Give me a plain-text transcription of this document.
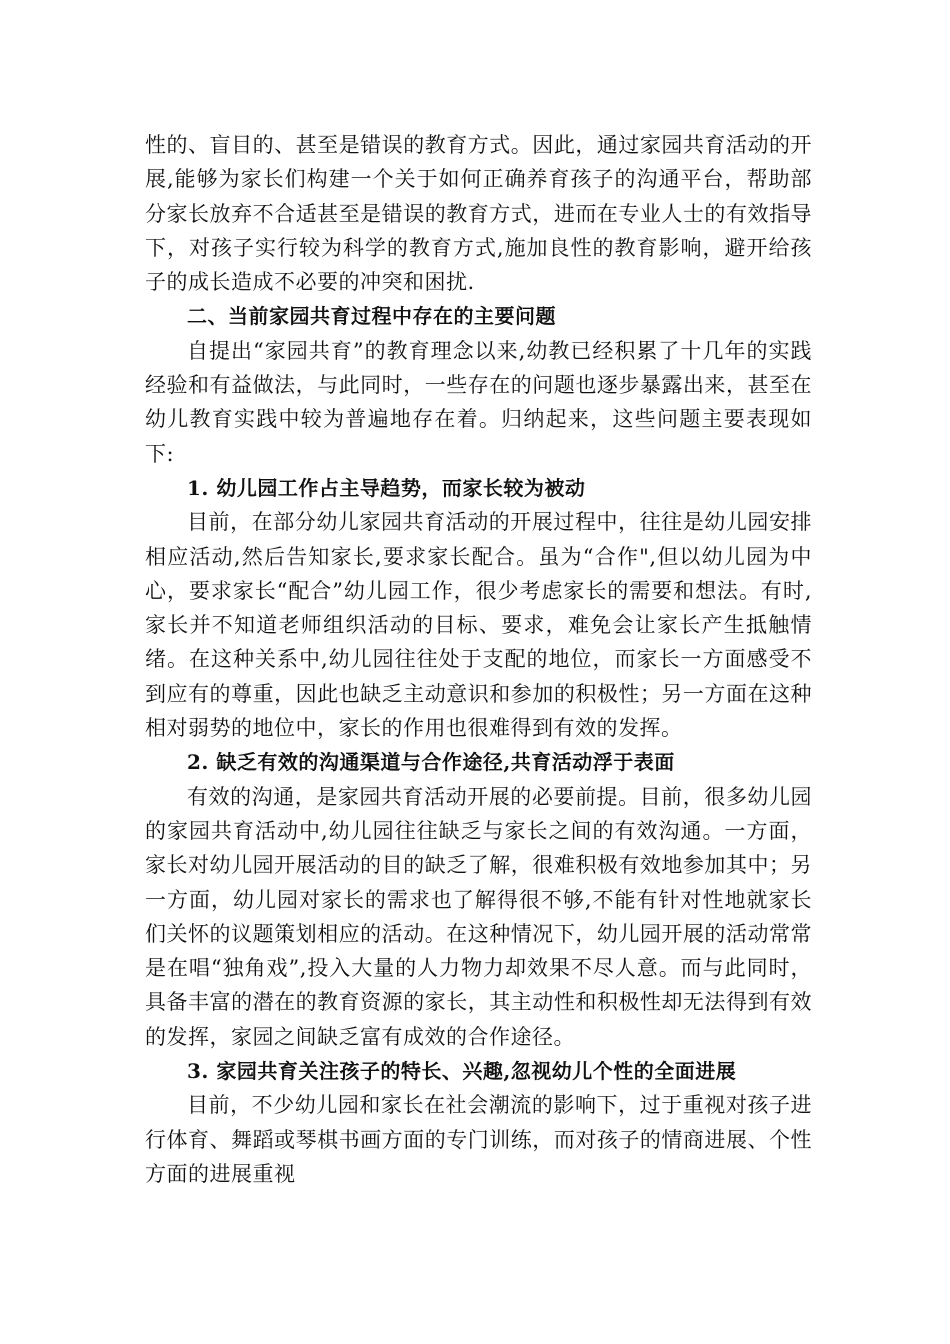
性的、盲目的、甚至是错误的教育方式。因此，通过家园共育活动的开展,能够为家长们构建一个关于如何正确养育孩子的沟通平台，帮助部分家长放弃不合适甚至是错误的教育方式，进而在专业人士的有效指导下，对孩子实行较为科学的教育方式,施加良性的教育影响，避开给孩子的成长造成不必要的冲突和困扰.

二、当前家园共育过程中存在的主要问题

自提出“家园共育”的教育理念以来,幼教已经积累了十几年的实践经验和有益做法，与此同时，一些存在的问题也逐步暴露出来，甚至在幼儿教育实践中较为普遍地存在着。归纳起来，这些问题主要表现如下:

1. 幼儿园工作占主导趋势，而家长较为被动

目前，在部分幼儿家园共育活动的开展过程中，往往是幼儿园安排相应活动,然后告知家长,要求家长配合。虽为“合作",但以幼儿园为中心，要求家长“配合”幼儿园工作，很少考虑家长的需要和想法。有时,家长并不知道老师组织活动的目标、要求，难免会让家长产生抵触情绪。在这种关系中,幼儿园往往处于支配的地位，而家长一方面感受不到应有的尊重，因此也缺乏主动意识和参加的积极性；另一方面在这种相对弱势的地位中，家长的作用也很难得到有效的发挥。

2. 缺乏有效的沟通渠道与合作途径,共育活动浮于表面

有效的沟通，是家园共育活动开展的必要前提。目前，很多幼儿园的家园共育活动中,幼儿园往往缺乏与家长之间的有效沟通。一方面，家长对幼儿园开展活动的目的缺乏了解，很难积极有效地参加其中；另一方面，幼儿园对家长的需求也了解得很不够,不能有针对性地就家长们关怀的议题策划相应的活动。在这种情况下，幼儿园开展的活动常常是在唱“独角戏”,投入大量的人力物力却效果不尽人意。而与此同时，具备丰富的潜在的教育资源的家长，其主动性和积极性却无法得到有效的发挥，家园之间缺乏富有成效的合作途径。

3. 家园共育关注孩子的特长、兴趣,忽视幼儿个性的全面进展

目前，不少幼儿园和家长在社会潮流的影响下，过于重视对孩子进行体育、舞蹈或琴棋书画方面的专门训练，而对孩子的情商进展、个性方面的进展重视
